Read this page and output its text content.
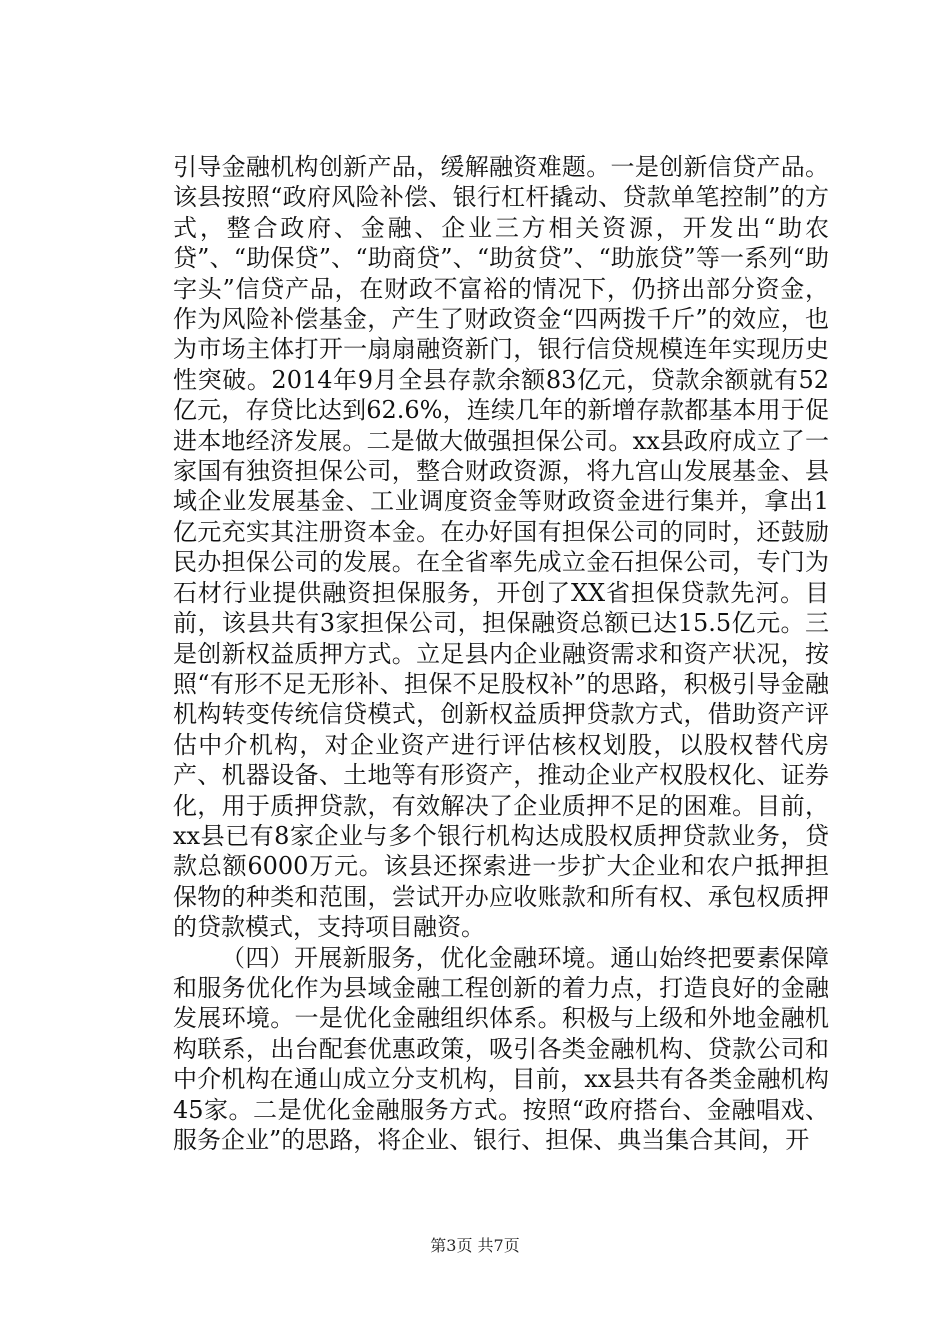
引导金融机构创新产品，缓解融资难题。一是创新信贷产品。该县按照“政府风险补偿、银行杠杆撬动、贷款单笔控制”的方式，整合政府、金融、企业三方相关资源，开发出“助农贷”、“助保贷”、“助商贷”、“助贫贷”、“助旅贷”等一系列“助字头”信贷产品，在财政不富裕的情况下，仍挤出部分资金，作为风险补偿基金，产生了财政资金“四两拨千斤”的效应，也为市场主体打开一扇扇融资新门，银行信贷规模连年实现历史性突破。2014年9月全县存款余额83亿元，贷款余额就有52亿元，存贷比达到62.6%，连续几年的新增存款都基本用于促进本地经济发展。二是做大做强担保公司。xx县政府成立了一家国有独资担保公司，整合财政资源，将九宫山发展基金、县域企业发展基金、工业调度资金等财政资金进行集并，拿出1亿元充实其注册资本金。在办好国有担保公司的同时，还鼓励民办担保公司的发展。在全省率先成立金石担保公司，专门为石材行业提供融资担保服务，开创了XX省担保贷款先河。目前，该县共有3家担保公司，担保融资总额已达15.5亿元。三是创新权益质押方式。立足县内企业融资需求和资产状况，按照“有形不足无形补、担保不足股权补”的思路，积极引导金融机构转变传统信贷模式，创新权益质押贷款方式，借助资产评估中介机构，对企业资产进行评估核权划股，以股权替代房产、机器设备、土地等有形资产，推动企业产权股权化、证券化，用于质押贷款，有效解决了企业质押不足的困难。目前，xx县已有8家企业与多个银行机构达成股权质押贷款业务，贷款总额6000万元。该县还探索进一步扩大企业和农户抵押担保物的种类和范围，尝试开办应收账款和所有权、承包权质押的贷款模式，支持项目融资。

（四）开展新服务，优化金融环境。通山始终把要素保障和服务优化作为县域金融工程创新的着力点，打造良好的金融发展环境。一是优化金融组织体系。积极与上级和外地金融机构联系，出台配套优惠政策，吸引各类金融机构、贷款公司和中介机构在通山成立分支机构，目前，xx县共有各类金融机构45家。二是优化金融服务方式。按照“政府搭台、金融唱戏、服务企业”的思路，将企业、银行、担保、典当集合其间，开

第3页 共7页
